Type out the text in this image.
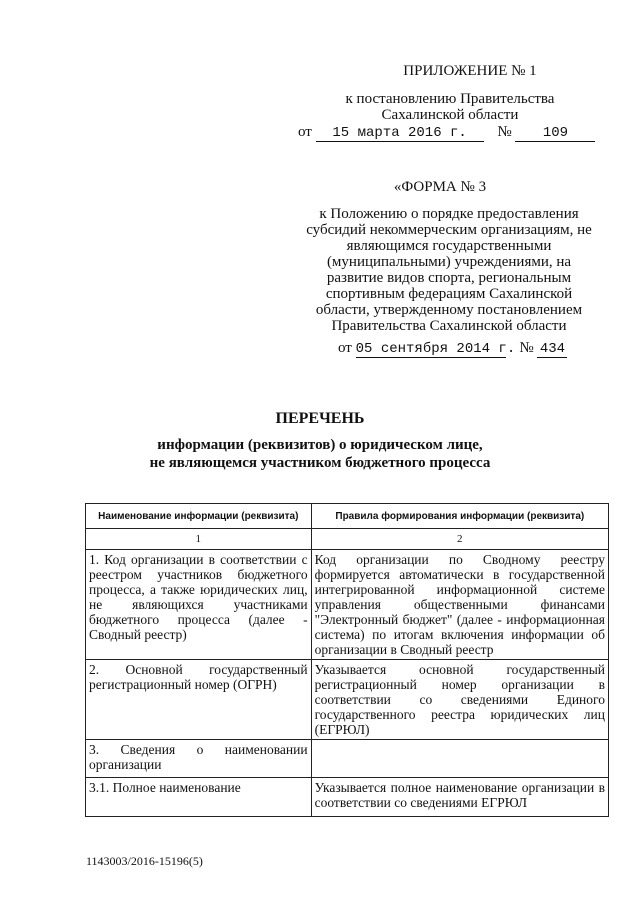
ПРИЛОЖЕНИЕ № 1
к постановлению Правительства
Сахалинской области
от 15 марта 2016 г. № 109
«ФОРМА № 3
к Положению о порядке предоставления
субсидий некоммерческим организациям, не
являющимся государственными
(муниципальными) учреждениями, на
развитие видов спорта, региональным
спортивным федерациям Сахалинской
области, утвержденному постановлением
Правительства Сахалинской области
от 05 сентября 2014 г. № 434
ПЕРЕЧЕНЬ
информации (реквизитов) о юридическом лице,
не являющемся участником бюджетного процесса
Наименование информации (реквизита)	Правила формирования информации (реквизита)
1	2
1. Код организации в соответствии с реестром участников бюджетного процесса, а также юридических лиц, не являющихся участниками бюджетного процесса (далее - Сводный реестр)	Код организации по Сводному реестру формируется автоматически в государственной интегрированной информационной системе управления общественными финансами "Электронный бюджет" (далее - информационная система) по итогам включения информации об организации в Сводный реестр
2. Основной государственный регистрационный номер (ОГРН)	Указывается основной государственный регистрационный номер организации в соответствии со сведениями Единого государственного реестра юридических лиц (ЕГРЮЛ)
3. Сведения о наименовании организации	
3.1. Полное наименование	Указывается полное наименование организации в соответствии со сведениями ЕГРЮЛ
1143003/2016-15196(5)
